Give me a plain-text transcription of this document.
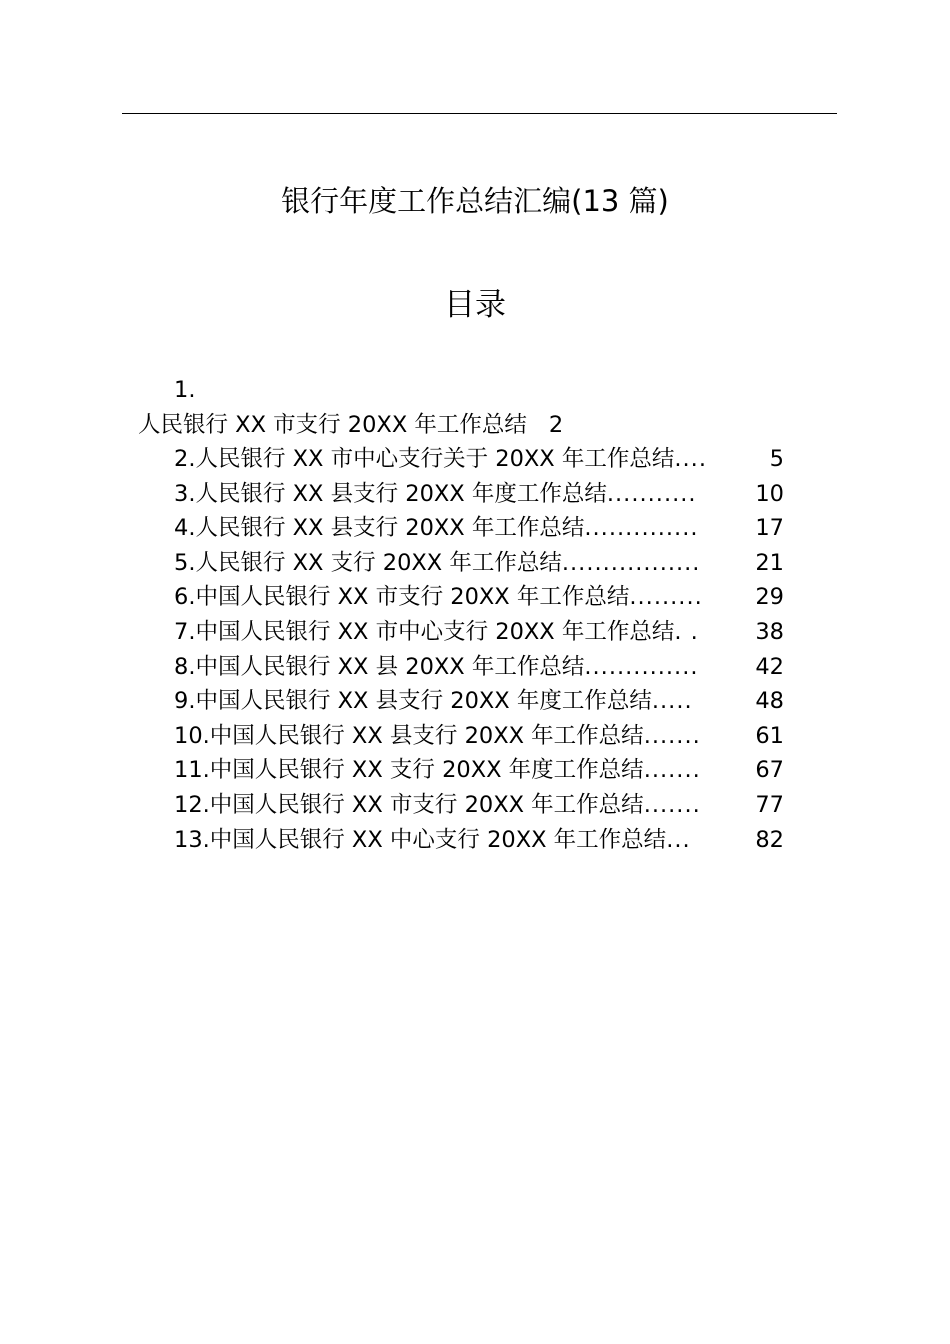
银行年度工作总结汇编(13 篇)
目录
1.
人民银行 XX 市支行 20XX 年工作总结 2
2.人民银行 XX 市中心支行关于 20XX 年工作总结 ....	5
3.人民银行 XX 县支行 20XX 年度工作总结 ...........	10
4.人民银行 XX 县支行 20XX 年工作总结 ..............	17
5.人民银行 XX 支行 20XX 年工作总结 .................	21
6.中国人民银行 XX 市支行 20XX 年工作总结 .........	29
7.中国人民银行 XX 市中心支行 20XX 年工作总结 . .	38
8.中国人民银行 XX 县 20XX 年工作总结 ..............	42
9.中国人民银行 XX 县支行 20XX 年度工作总结 .....	48
10.中国人民银行 XX 县支行 20XX 年工作总结 .......	61
11.中国人民银行 XX 支行 20XX 年度工作总结 .......	67
12.中国人民银行 XX 市支行 20XX 年工作总结 .......	77
13.中国人民银行 XX 中心支行 20XX 年工作总结 ...	82
